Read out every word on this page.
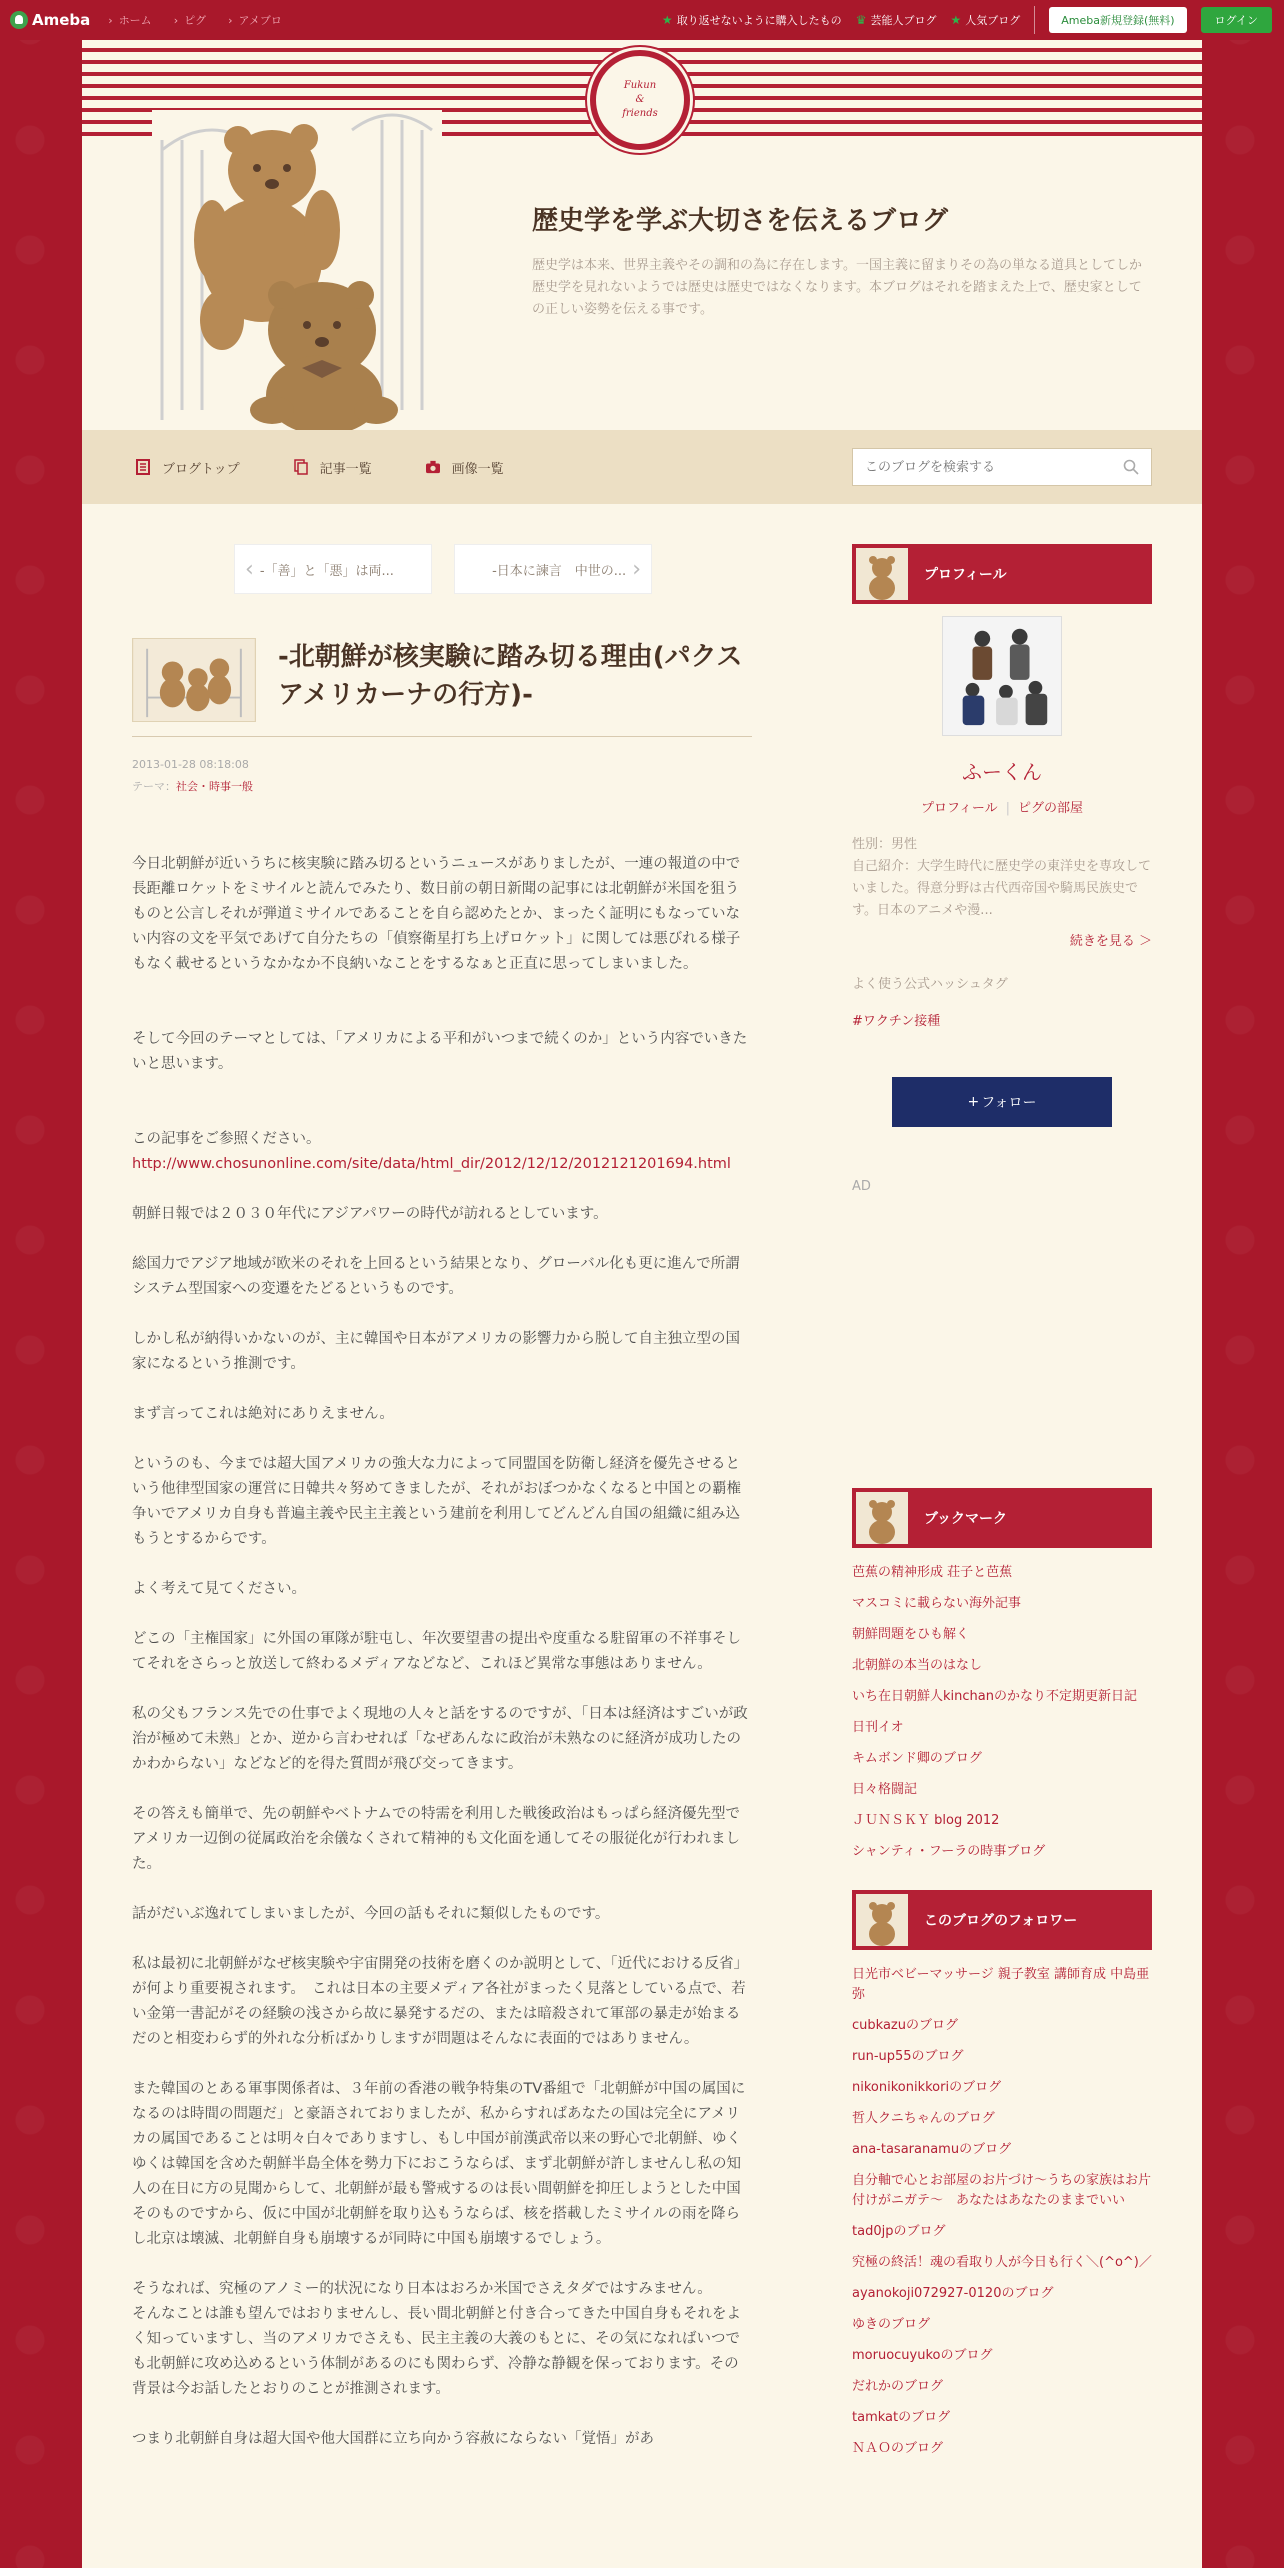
Ameba	› ホーム	› ピグ	› アメブロ	★ 取り返せないように購入したもの ♛ 芸能人ブログ ★ 人気ブログ	Ameba新規登録(無料)	ログイン
Fukun
&
friends
歴史学を学ぶ大切さを伝えるブログ
歴史学は本来、世界主義やその調和の為に存在します。一国主義に留まりその為の単なる道具としてしか歴史学を見れないようでは歴史は歴史ではなくなります。本ブログはそれを踏まえた上で、歴史家としての正しい姿勢を伝える事です。
ブログトップ	記事一覧	画像一覧
このブログを検索する
‹ -「善」と「悪」は両...	-日本に諫言　中世の... ›
-北朝鮮が核実験に踏み切る理由(パクスアメリカーナの行方)-
2013-01-28 08:18:08
テーマ：社会・時事一般

今日北朝鮮が近いうちに核実験に踏み切るというニュースがありましたが、一連の報道の中で長距離ロケットをミサイルと読んでみたり、数日前の朝日新聞の記事には北朝鮮が米国を狙うものと公言しそれが弾道ミサイルであることを自ら認めたとか、まったく証明にもなっていない内容の文を平気であげて自分たちの「偵察衛星打ち上げロケット」に関しては悪びれる様子もなく載せるというなかなか不良納いなことをするなぁと正直に思ってしまいました。

そして今回のテーマとしては、「アメリカによる平和がいつまで続くのか」という内容でいきたいと思います。

この記事をご参照ください。
http://www.chosunonline.com/site/data/html_dir/2012/12/12/2012121201694.html

朝鮮日報では２０３０年代にアジアパワーの時代が訪れるとしています。

総国力でアジア地域が欧米のそれを上回るという結果となり、グローバル化も更に進んで所謂システム型国家への変遷をたどるというものです。

しかし私が納得いかないのが、主に韓国や日本がアメリカの影響力から脱して自主独立型の国家になるという推測です。

まず言ってこれは絶対にありえません。

というのも、今までは超大国アメリカの強大な力によって同盟国を防衛し経済を優先させるという他律型国家の運営に日韓共々努めてきましたが、それがおぼつかなくなると中国との覇権争いでアメリカ自身も普遍主義や民主主義という建前を利用してどんどん自国の組織に組み込もうとするからです。

よく考えて見てください。

どこの「主権国家」に外国の軍隊が駐屯し、年次要望書の提出や度重なる駐留軍の不祥事そしてそれをさらっと放送して終わるメディアなどなど、これほど異常な事態はありません。

私の父もフランス先での仕事でよく現地の人々と話をするのですが、「日本は経済はすごいが政治が極めて未熟」とか、逆から言わせれば「なぜあんなに政治が未熟なのに経済が成功したのかわからない」などなど的を得た質問が飛び交ってきます。

その答えも簡単で、先の朝鮮やベトナムでの特需を利用した戦後政治はもっぱら経済優先型でアメリカ一辺倒の従属政治を余儀なくされて精神的も文化面を通してその服従化が行われました。

話がだいぶ逸れてしまいましたが、今回の話もそれに類似したものです。

私は最初に北朝鮮がなぜ核実験や宇宙開発の技術を磨くのか説明として、「近代における反省」が何より重要視されます。　これは日本の主要メディア各社がまったく見落としている点で、若い金第一書記がその経験の浅さから故に暴発するだの、または暗殺されて軍部の暴走が始まるだのと相変わらず的外れな分析ばかりしますが問題はそんなに表面的ではありません。

また韓国のとある軍事関係者は、３年前の香港の戦争特集のTV番組で「北朝鮮が中国の属国になるのは時間の問題だ」と豪語されておりましたが、私からすればあなたの国は完全にアメリカの属国であることは明々白々でありますし、もし中国が前漢武帝以来の野心で北朝鮮、ゆくゆくは韓国を含めた朝鮮半島全体を勢力下におこうならば、まず北朝鮮が許しませんし私の知人の在日に方の見聞からして、北朝鮮が最も警戒するのは長い間朝鮮を抑圧しようとした中国そのものですから、仮に中国が北朝鮮を取り込もうならば、核を搭載したミサイルの雨を降らし北京は壊滅、北朝鮮自身も崩壊するが同時に中国も崩壊するでしょう。

そうなれば、究極のアノミー的状況になり日本はおろか米国でさえタダではすみません。
そんなことは誰も望んではおりませんし、長い間北朝鮮と付き合ってきた中国自身もそれをよく知っていますし、当のアメリカでさえも、民主主義の大義のもとに、その気になればいつでも北朝鮮に攻め込めるという体制があるのにも関わらず、冷静な静観を保っております。その背景は今お話したとおりのことが推測されます。

つまり北朝鮮自身は超大国や他大国群に立ち向かう容赦にならない「覚悟」があ

プロフィール
ふーくん
プロフィール | ピグの部屋
性別：男性
自己紹介：大学生時代に歴史学の東洋史を専攻していました。得意分野は古代西帝国や騎馬民族史です。日本のアニメや漫...
続きを見る ＞
よく使う公式ハッシュタグ
#ワクチン接種
+ フォロー
AD
ブックマーク
芭蕉の精神形成 荘子と芭蕉
マスコミに載らない海外記事
朝鮮問題をひも解く
北朝鮮の本当のはなし
いち在日朝鮮人kinchanのかなり不定期更新日記
日刊イオ
キムボンド卿のブログ
日々格闘記
ＪＵＮＳＫＹ blog 2012
シャンティ・フーラの時事ブログ
このブログのフォロワー
日光市ベビーマッサージ 親子教室 講師育成 中島亜弥
cubkazuのブログ
run-up55のブログ
nikonikonikkoriのブログ
哲人クニちゃんのブログ
ana-tasaranamuのブログ
自分軸で心とお部屋のお片づけ～うちの家族はお片付けがニガテ～　あなたはあなたのままでいい
tad0jpのブログ
究極の終活！魂の看取り人が今日も行く＼(^o^)／
ayanokoji072927-0120のブログ
ゆきのブログ
moruocuyukoのブログ
だれかのブログ
tamkatのブログ
ＮＡＯのブログ
